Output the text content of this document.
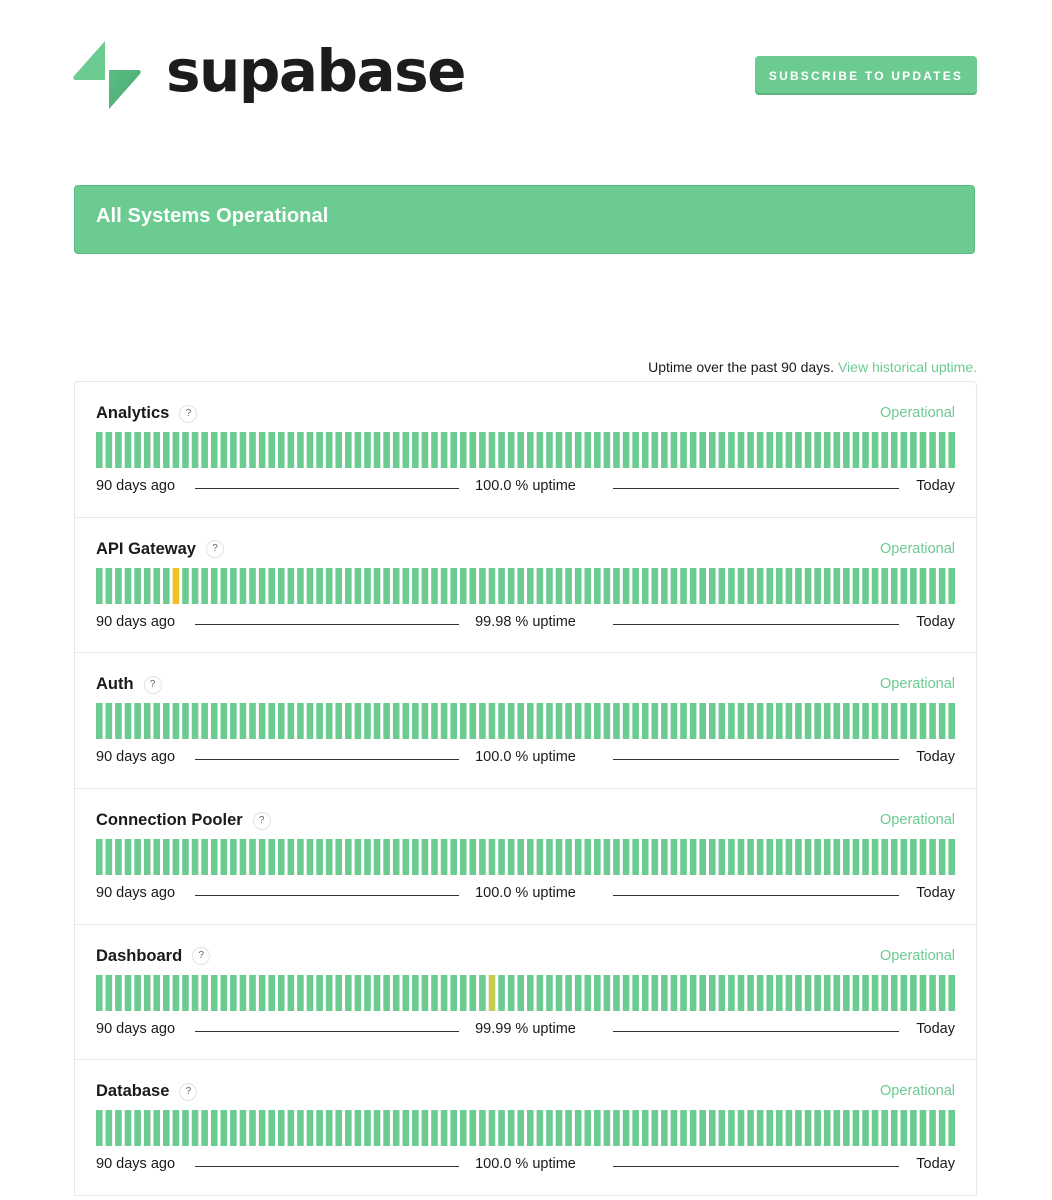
supabase	SUBSCRIBE TO UPDATES
All Systems Operational
Uptime over the past 90 days. View historical uptime.
Analytics	?	Operational
90 days ago	100.0 % uptime	Today
API Gateway	?	Operational
90 days ago	99.98 % uptime	Today
Auth	?	Operational
90 days ago	100.0 % uptime	Today
Connection Pooler	?	Operational
90 days ago	100.0 % uptime	Today
Dashboard	?	Operational
90 days ago	99.99 % uptime	Today
Database	?	Operational
90 days ago	100.0 % uptime	Today
